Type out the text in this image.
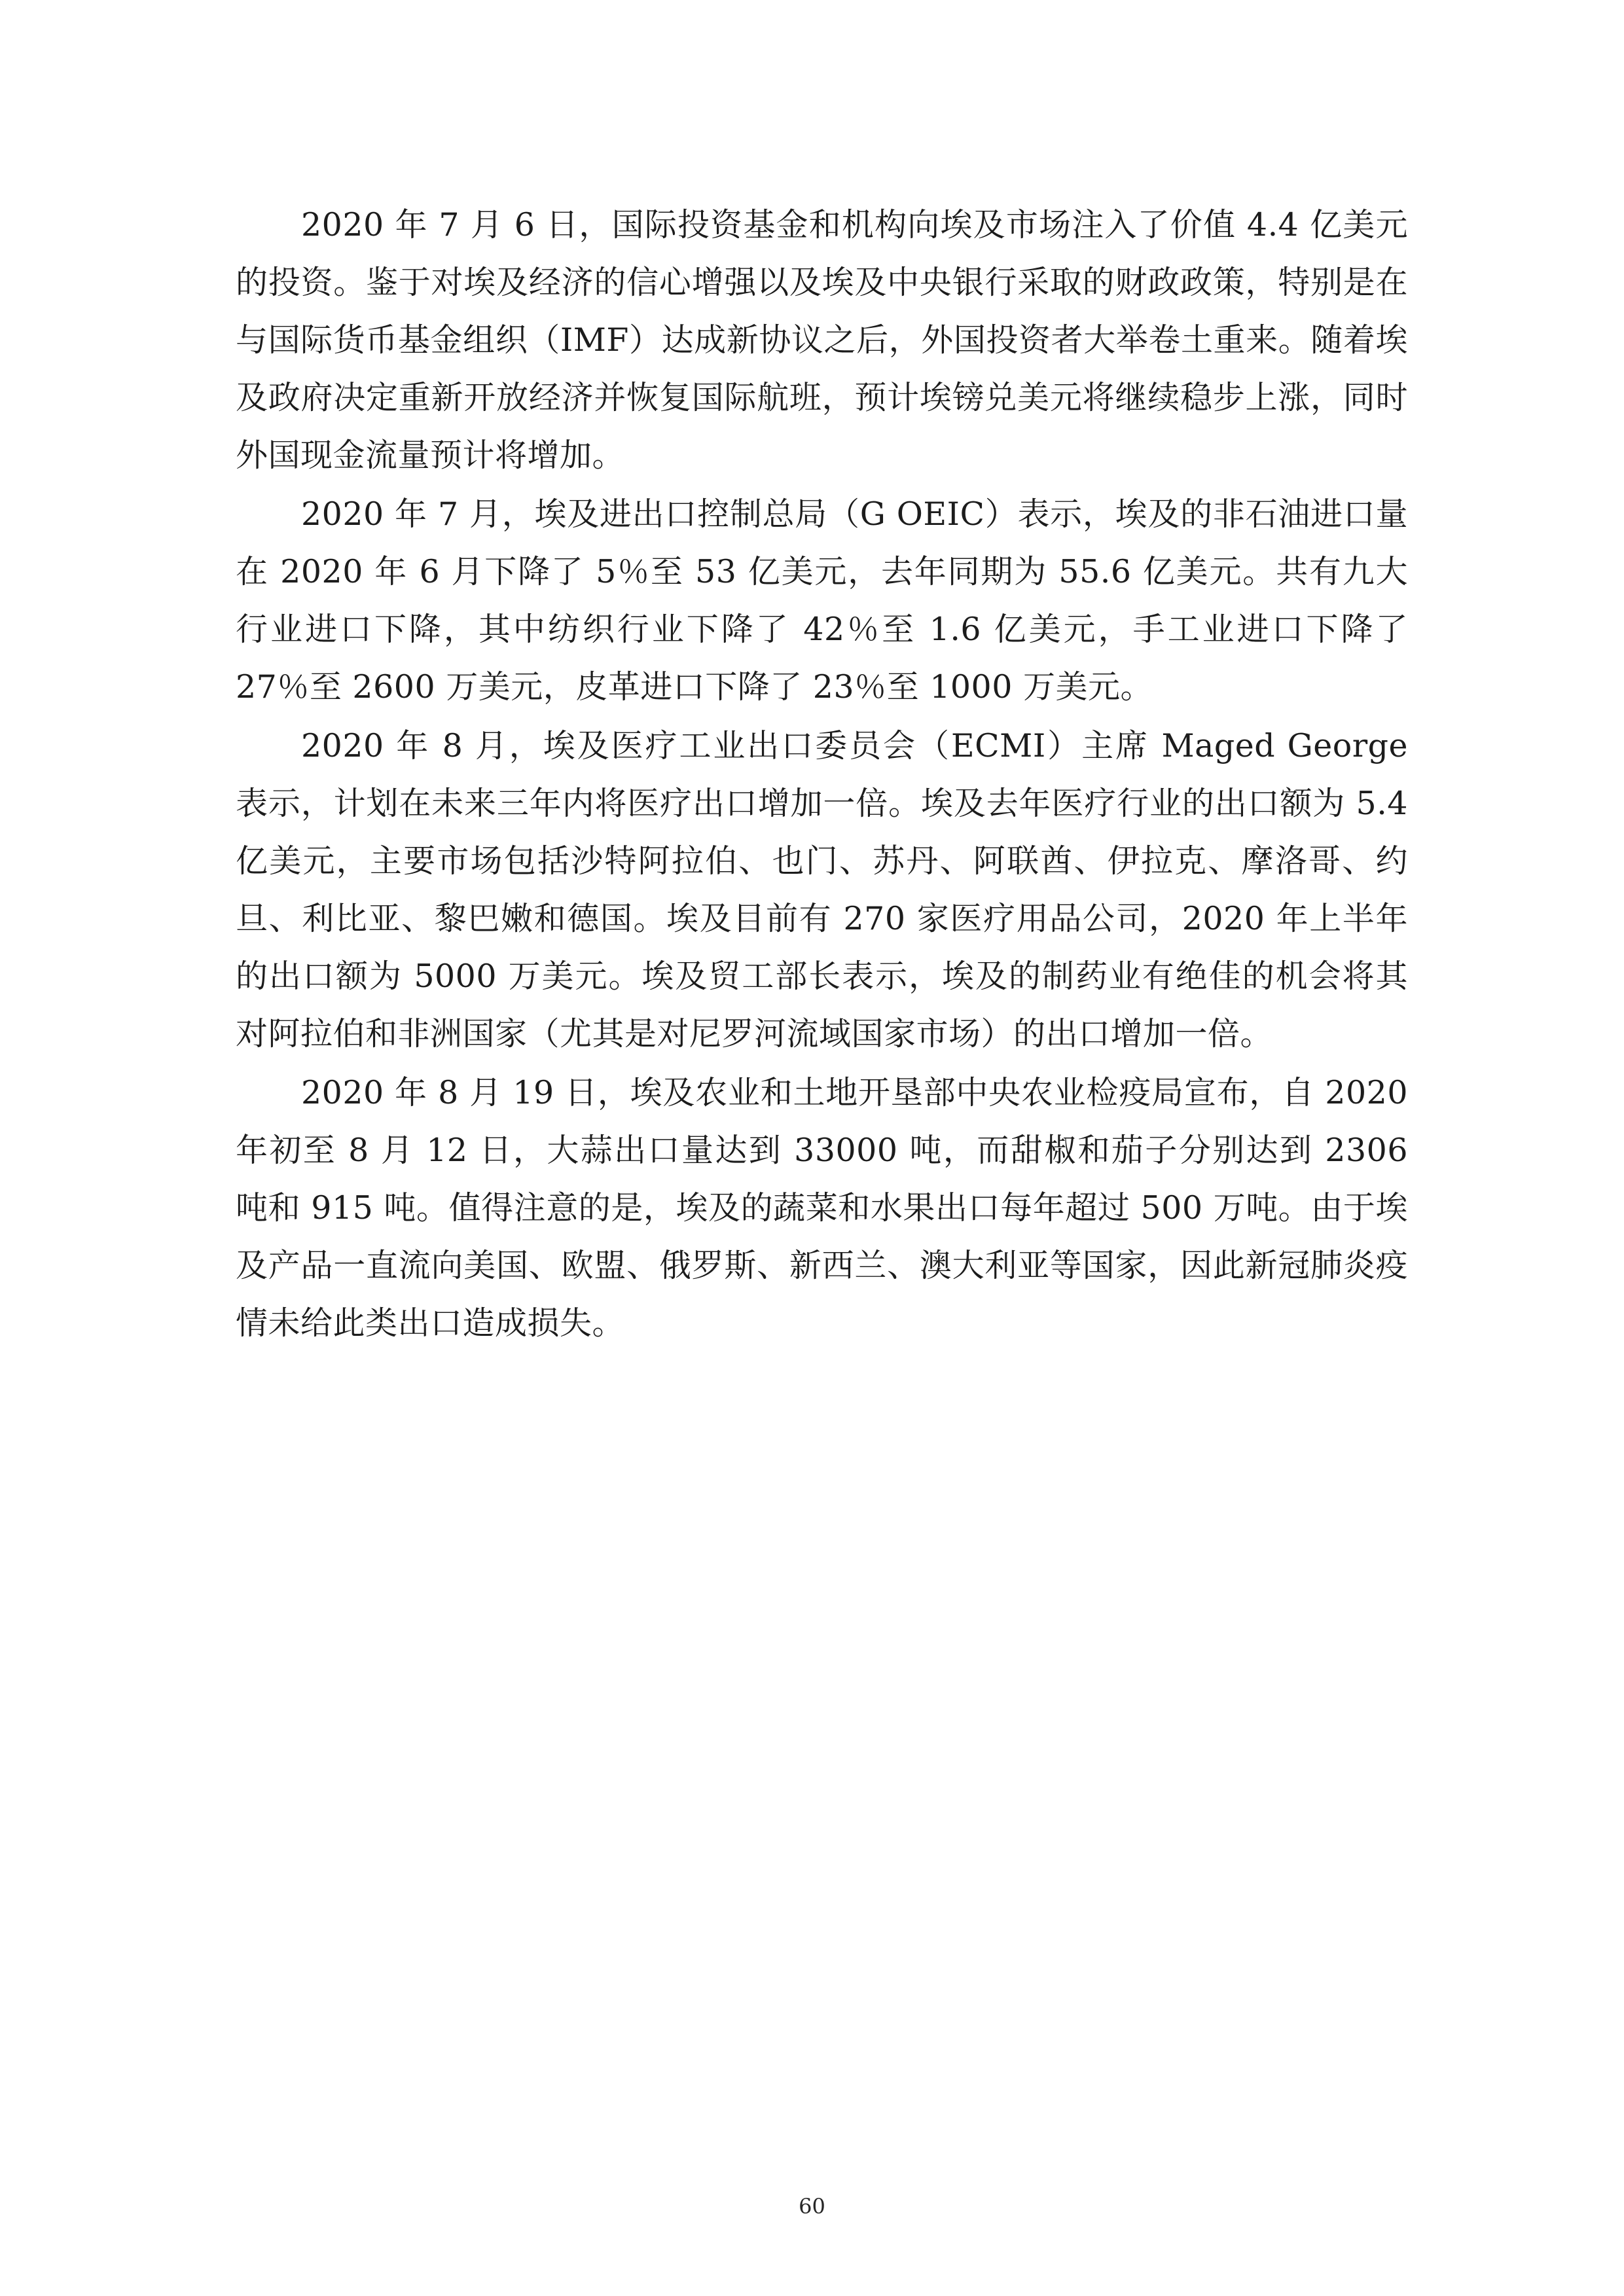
2020 年 7 月 6 日，国际投资基金和机构向埃及市场注入了价值 4.4 亿美元的投资。鉴于对埃及经济的信心增强以及埃及中央银行采取的财政政策，特别是在与国际货币基金组织（IMF）达成新协议之后，外国投资者大举卷土重来。随着埃及政府决定重新开放经济并恢复国际航班，预计埃镑兑美元将继续稳步上涨，同时外国现金流量预计将增加。

2020 年 7 月，埃及进出口控制总局（G OEIC）表示，埃及的非石油进口量在 2020 年 6 月下降了 5％至 53 亿美元，去年同期为 55.6 亿美元。共有九大行业进口下降，其中纺织行业下降了 42％至 1.6 亿美元，手工业进口下降了 27％至 2600 万美元，皮革进口下降了 23％至 1000 万美元。

2020 年 8 月，埃及医疗工业出口委员会（ECMI）主席 Maged George 表示，计划在未来三年内将医疗出口增加一倍。埃及去年医疗行业的出口额为 5.4 亿美元，主要市场包括沙特阿拉伯、也门、苏丹、阿联酋、伊拉克、摩洛哥、约旦、利比亚、黎巴嫩和德国。埃及目前有 270 家医疗用品公司，2020 年上半年的出口额为 5000 万美元。埃及贸工部长表示，埃及的制药业有绝佳的机会将其对阿拉伯和非洲国家（尤其是对尼罗河流域国家市场）的出口增加一倍。

2020 年 8 月 19 日，埃及农业和土地开垦部中央农业检疫局宣布，自 2020 年初至 8 月 12 日，大蒜出口量达到 33000 吨，而甜椒和茄子分别达到 2306 吨和 915 吨。值得注意的是，埃及的蔬菜和水果出口每年超过 500 万吨。由于埃及产品一直流向美国、欧盟、俄罗斯、新西兰、澳大利亚等国家，因此新冠肺炎疫情未给此类出口造成损失。

60
